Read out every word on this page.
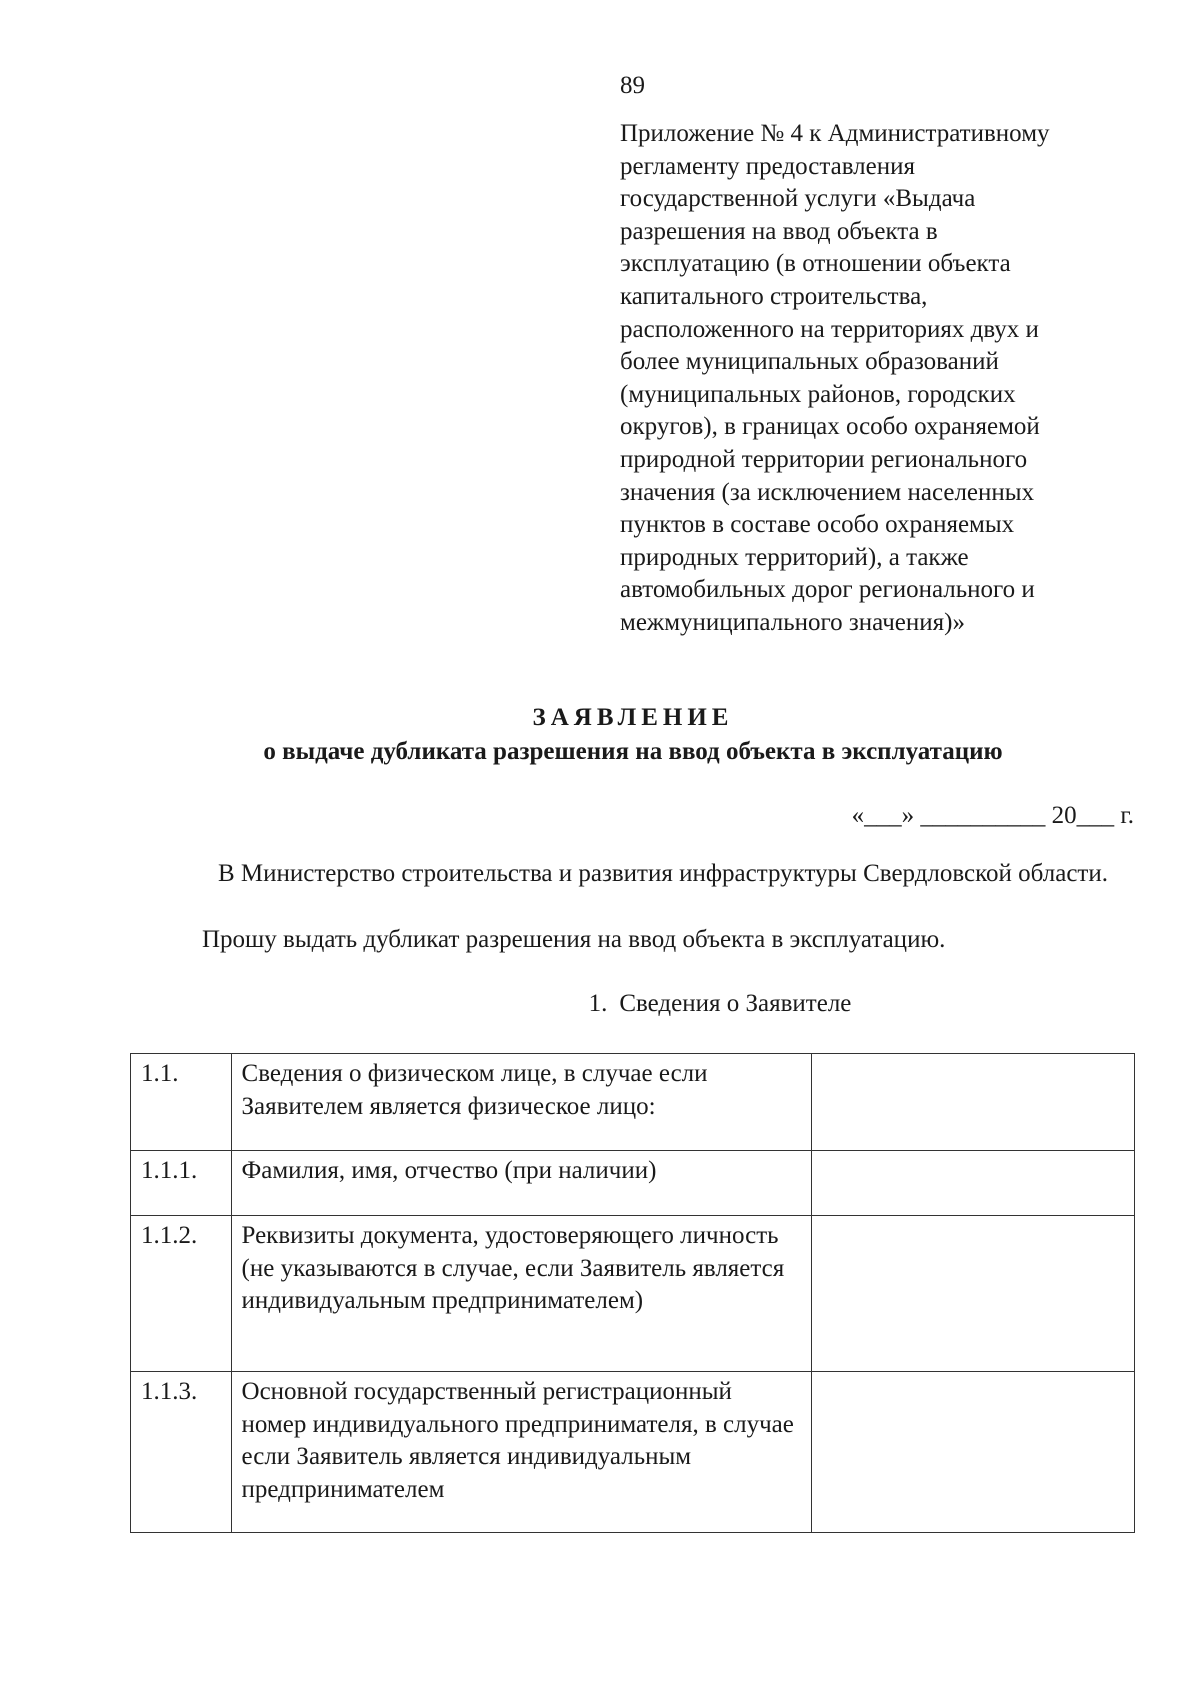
89
Приложение № 4 к Административному
регламенту предоставления
государственной услуги «Выдача
разрешения на ввод объекта в
эксплуатацию (в отношении объекта
капитального строительства,
расположенного на территориях двух и
более муниципальных образований
(муниципальных районов, городских
округов), в границах особо охраняемой
природной территории регионального
значения (за исключением населенных
пунктов в составе особо охраняемых
природных территорий), а также
автомобильных дорог регионального и
межмуниципального значения)»
ЗАЯВЛЕНИЕ
о выдаче дубликата разрешения на ввод объекта в эксплуатацию
«___» __________ 20___ г.
В Министерство строительства и развития инфраструктуры Свердловской области.
Прошу выдать дубликат разрешения на ввод объекта в эксплуатацию.
1. Сведения о Заявителе
1.1.	Сведения о физическом лице, в случае если Заявителем является физическое лицо:	
1.1.1.	Фамилия, имя, отчество (при наличии)	
1.1.2.	Реквизиты документа, удостоверяющего личность (не указываются в случае, если Заявитель является индивидуальным предпринимателем)	
1.1.3.	Основной государственный регистрационный номер индивидуального предпринимателя, в случае если Заявитель является индивидуальным предпринимателем	
